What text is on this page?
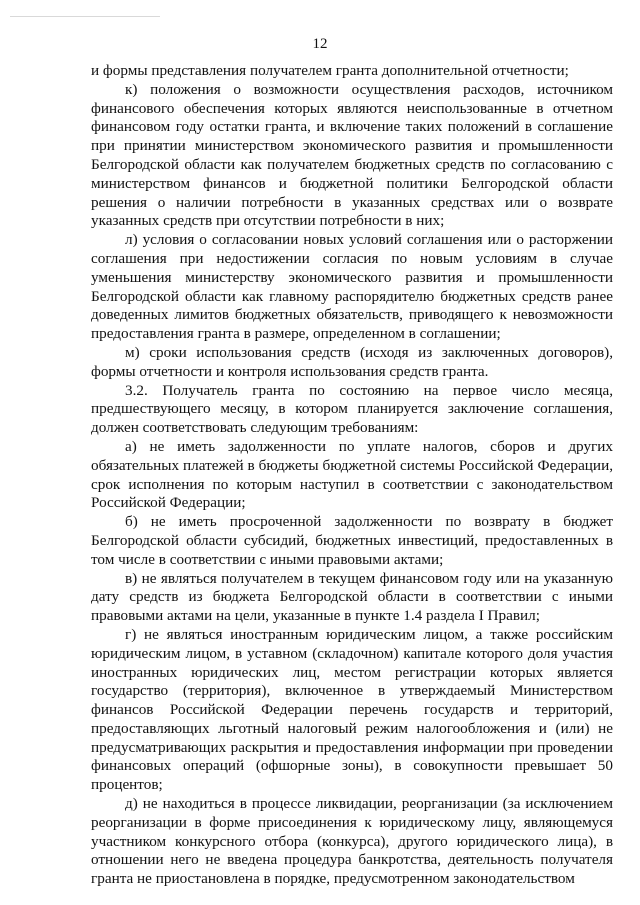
12

и формы представления получателем гранта дополнительной отчетности;

к) положения о возможности осуществления расходов, источником финансового обеспечения которых являются неиспользованные в отчетном финансовом году остатки гранта, и включение таких положений в соглашение при принятии министерством экономического развития и промышленности Белгородской области как получателем бюджетных средств по согласованию с министерством финансов и бюджетной политики Белгородской области решения о наличии потребности в указанных средствах или о возврате указанных средств при отсутствии потребности в них;

л) условия о согласовании новых условий соглашения или о расторжении соглашения при недостижении согласия по новым условиям в случае уменьшения министерству экономического развития и промышленности Белгородской области как главному распорядителю бюджетных средств ранее доведенных лимитов бюджетных обязательств, приводящего к невозможности предоставления гранта в размере, определенном в соглашении;

м) сроки использования средств (исходя из заключенных договоров), формы отчетности и контроля использования средств гранта.

3.2. Получатель гранта по состоянию на первое число месяца, предшествующего месяцу, в котором планируется заключение соглашения, должен соответствовать следующим требованиям:

а) не иметь задолженности по уплате налогов, сборов и других обязательных платежей в бюджеты бюджетной системы Российской Федерации, срок исполнения по которым наступил в соответствии с законодательством Российской Федерации;

б) не иметь просроченной задолженности по возврату в бюджет Белгородской области субсидий, бюджетных инвестиций, предоставленных в том числе в соответствии с иными правовыми актами;

в) не являться получателем в текущем финансовом году или на указанную дату средств из бюджета Белгородской области в соответствии с иными правовыми актами на цели, указанные в пункте 1.4 раздела I Правил;

г) не являться иностранным юридическим лицом, а также российским юридическим лицом, в уставном (складочном) капитале которого доля участия иностранных юридических лиц, местом регистрации которых является государство (территория), включенное в утверждаемый Министерством финансов Российской Федерации перечень государств и территорий, предоставляющих льготный налоговый режим налогообложения и (или) не предусматривающих раскрытия и предоставления информации при проведении финансовых операций (офшорные зоны), в совокупности превышает 50 процентов;

д) не находиться в процессе ликвидации, реорганизации (за исключением реорганизации в форме присоединения к юридическому лицу, являющемуся участником конкурсного отбора (конкурса), другого юридического лица), в отношении него не введена процедура банкротства, деятельность получателя гранта не приостановлена в порядке, предусмотренном законодательством
